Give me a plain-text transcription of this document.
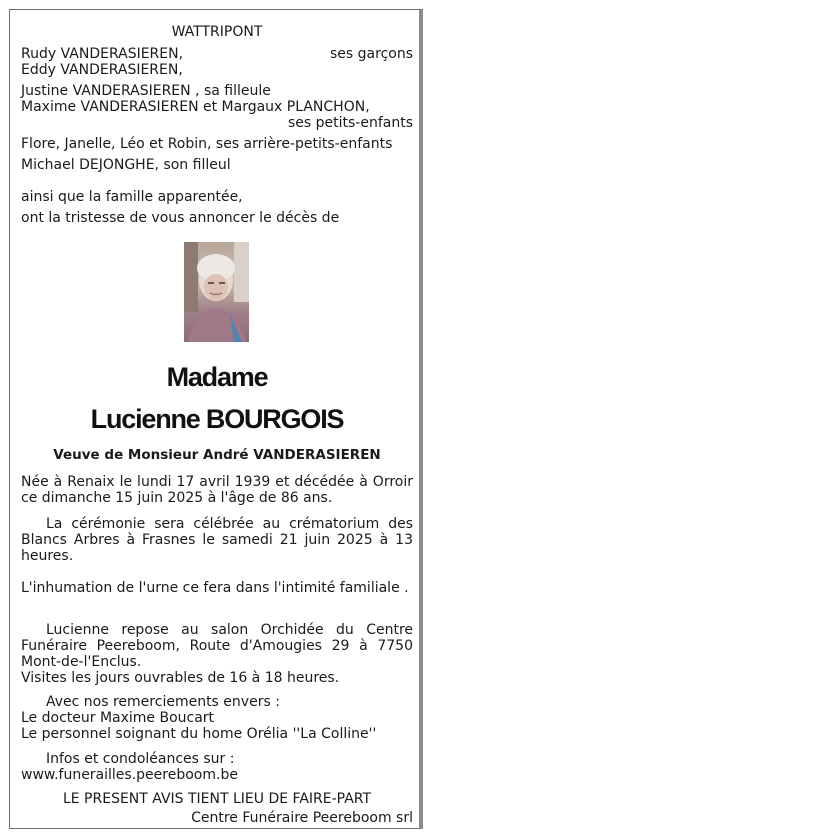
WATTRIPONT
Rudy VANDERASIEREN,	ses garçons
Eddy VANDERASIEREN,
Justine VANDERASIEREN , sa filleule
Maxime VANDERASIEREN et Margaux PLANCHON,
ses petits-enfants
Flore, Janelle, Léo et Robin, ses arrière-petits-enfants
Michael DEJONGHE, son filleul
ainsi que la famille apparentée,
ont la tristesse de vous annoncer le décès de
Madame
Lucienne BOURGOIS
Veuve de Monsieur André VANDERASIEREN
Née à Renaix le lundi 17 avril 1939 et décédée à Orroir ce dimanche 15 juin 2025 à l'âge de 86 ans.
La cérémonie sera célébrée au crématorium des Blancs Arbres à Frasnes le samedi 21 juin 2025 à 13 heures.
L'inhumation de l'urne ce fera dans l'intimité familiale .
Lucienne repose au salon Orchidée du Centre Funéraire Peereboom, Route d'Amougies 29 à 7750 Mont-de-l'Enclus.
Visites les jours ouvrables de 16 à 18 heures.
Avec nos remerciements envers :
Le docteur Maxime Boucart
Le personnel soignant du home Orélia ''La Colline''
Infos et condoléances sur :
www.funerailles.peereboom.be
LE PRESENT AVIS TIENT LIEU DE FAIRE-PART
Centre Funéraire Peereboom srl
